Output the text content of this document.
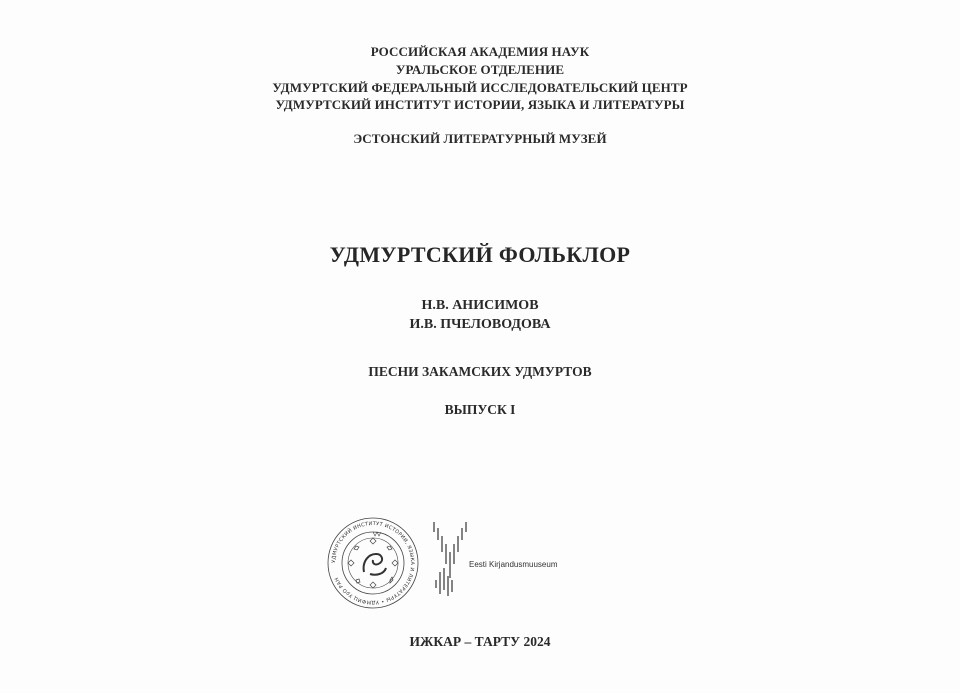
РОССИЙСКАЯ АКАДЕМИЯ НАУК
УРАЛЬСКОЕ ОТДЕЛЕНИЕ
УДМУРТСКИЙ ФЕДЕРАЛЬНЫЙ ИССЛЕДОВАТЕЛЬСКИЙ ЦЕНТР
УДМУРТСКИЙ ИНСТИТУТ ИСТОРИИ, ЯЗЫКА И ЛИТЕРАТУРЫ
ЭСТОНСКИЙ ЛИТЕРАТУРНЫЙ МУЗЕЙ
УДМУРТСКИЙ ФОЛЬКЛОР
Н.В. АНИСИМОВ
И.В. ПЧЕЛОВОДОВА
ПЕСНИ ЗАКАМСКИХ УДМУРТОВ
ВЫПУСК I
УДМУРТСКИЙ ИНСТИТУТ ИСТОРИИ, ЯЗЫКА И ЛИТЕРАТУРЫ • УДМФИЦ УрО РАН
Eesti Kirjandusmuuseum
ИЖКАР – ТАРТУ 2024
